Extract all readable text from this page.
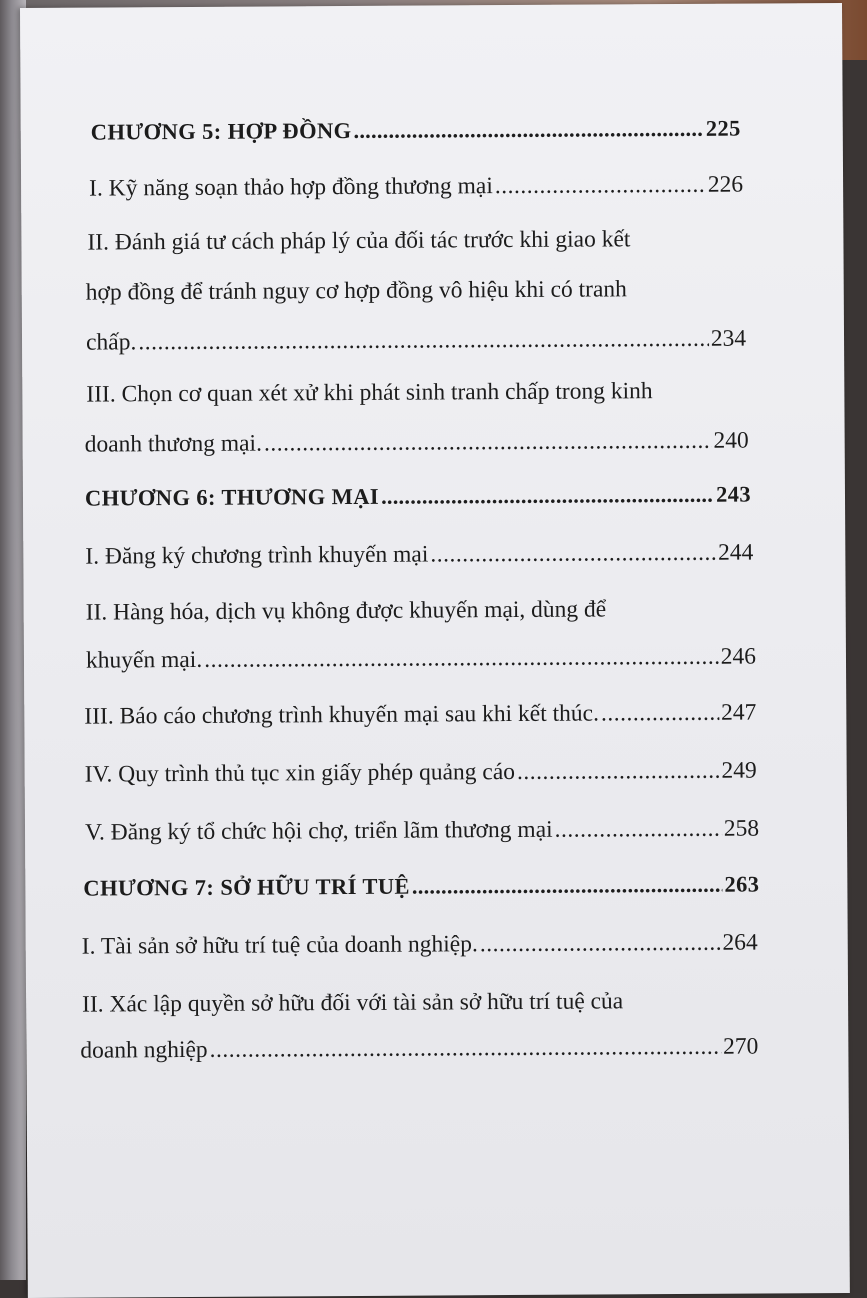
CHƯƠNG 5: HỢP ĐỒNG .....	225
I. Kỹ năng soạn thảo hợp đồng thương mại .....	226
II. Đánh giá tư cách pháp lý của đối tác trước khi giao kết
hợp đồng để tránh nguy cơ hợp đồng vô hiệu khi có tranh
chấp. .....	234
III. Chọn cơ quan xét xử khi phát sinh tranh chấp trong kinh
doanh thương mại. .....	240
CHƯƠNG 6: THƯƠNG MẠI .....	243
I. Đăng ký chương trình khuyến mại .....	244
II. Hàng hóa, dịch vụ không được khuyến mại, dùng để
khuyến mại. .....	246
III. Báo cáo chương trình khuyến mại sau khi kết thúc. .....	247
IV. Quy trình thủ tục xin giấy phép quảng cáo .....	249
V. Đăng ký tổ chức hội chợ, triển lãm thương mại .....	258
CHƯƠNG 7: SỞ HỮU TRÍ TUỆ .....	263
I. Tài sản sở hữu trí tuệ của doanh nghiệp. .....	264
II. Xác lập quyền sở hữu đối với tài sản sở hữu trí tuệ của
doanh nghiệp .....	270
